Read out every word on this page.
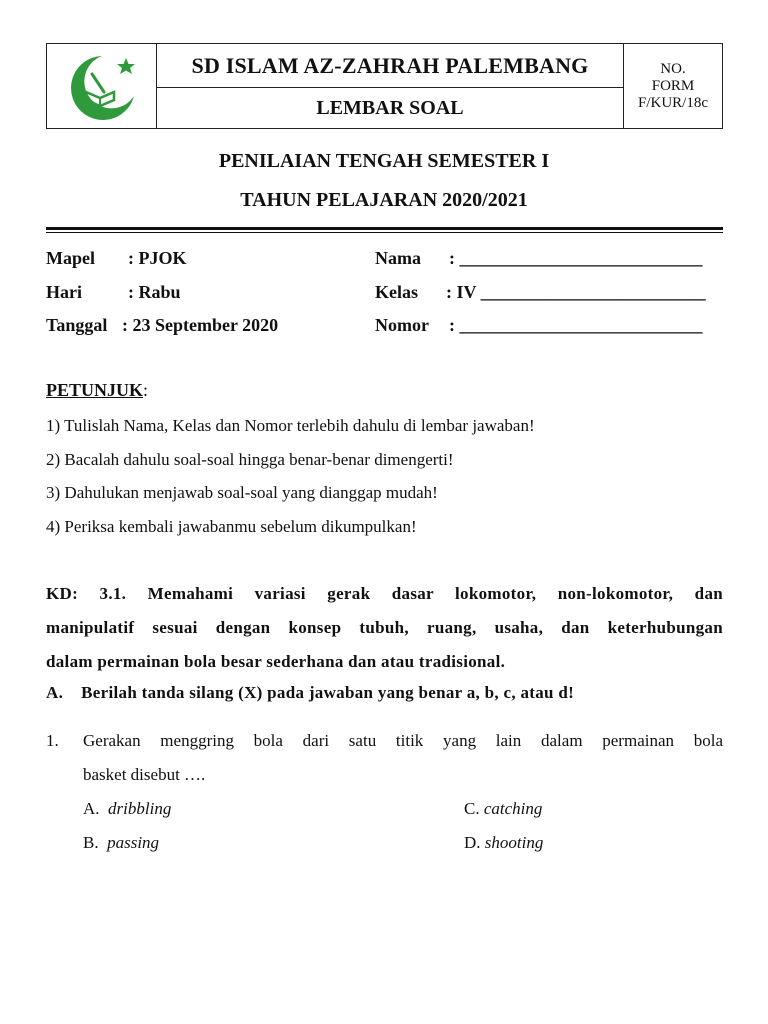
SD ISLAM AZ-ZAHRAH PALEMBANG
LEMBAR SOAL
NO.
FORM
F/KUR/18c
PENILAIAN TENGAH SEMESTER I
TAHUN PELAJARAN 2020/2021
Mapel : PJOK
Hari	: Rabu
Tanggal : 23 September 2020
Nama : ___________________________
Kelas : IV _________________________
Nomor : ___________________________
PETUNJUK:
1) Tulislah Nama, Kelas dan Nomor terlebih dahulu di lembar jawaban!
2) Bacalah dahulu soal-soal hingga benar-benar dimengerti!
3) Dahulukan menjawab soal-soal yang dianggap mudah!
4) Periksa kembali jawabanmu sebelum dikumpulkan!
KD: 3.1. Memahami variasi gerak dasar lokomotor, non-lokomotor, dan
manipulatif sesuai dengan konsep tubuh, ruang, usaha, dan keterhubungan
dalam permainan bola besar sederhana dan atau tradisional.
A. Berilah tanda silang (X) pada jawaban yang benar a, b, c, atau d!
1. Gerakan menggring bola dari satu titik yang lain dalam permainan bola
basket disebut ….
A. dribbling
B. passing
C. catching
D. shooting
